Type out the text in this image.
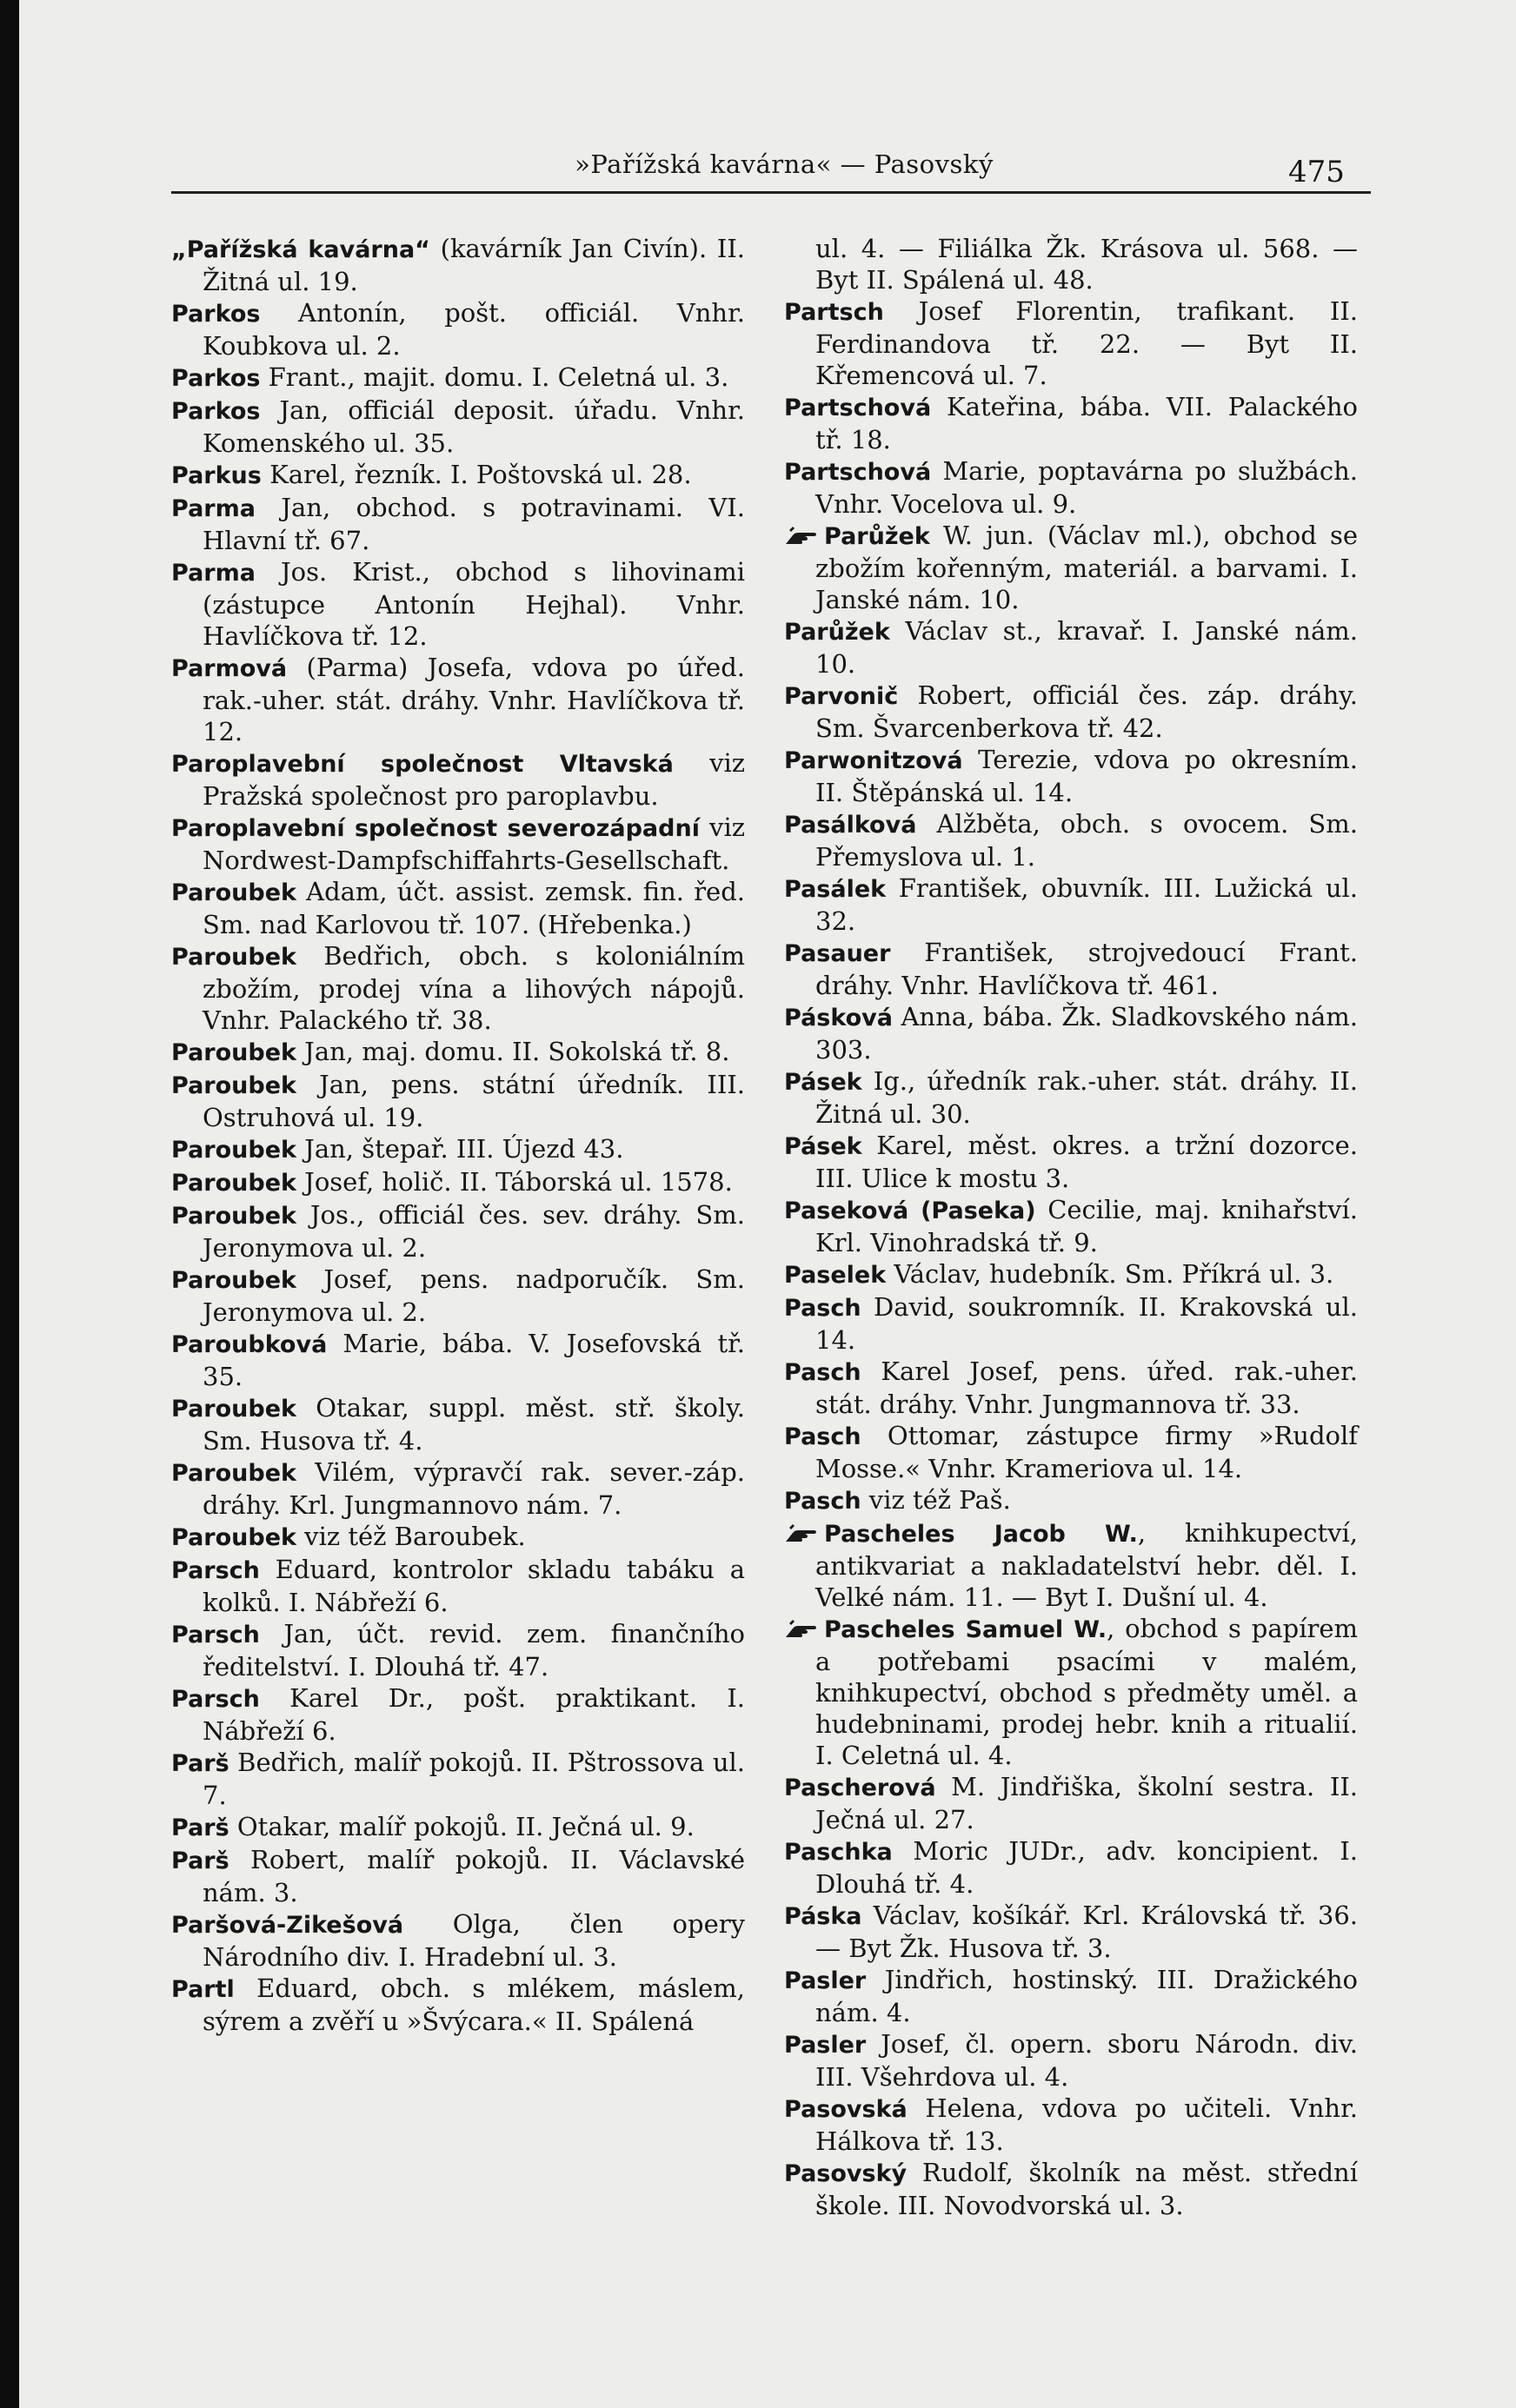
»Pařížská kavárna« — Pasovský	475
„Pařížská kavárna“ (kavárník Jan Civín). II. Žitná ul. 19.
Parkos Antonín, pošt. officiál. Vnhr. Koubkova ul. 2.
Parkos Frant., majit. domu. I. Celetná ul. 3.
Parkos Jan, officiál deposit. úřadu. Vnhr. Komenského ul. 35.
Parkus Karel, řezník. I. Poštovská ul. 28.
Parma Jan, obchod. s potravinami. VI. Hlavní tř. 67.
Parma Jos. Krist., obchod s lihovinami (zástupce Antonín Hejhal). Vnhr. Havlíčkova tř. 12.
Parmová (Parma) Josefa, vdova po úřed. rak.-uher. stát. dráhy. Vnhr. Havlíčkova tř. 12.
Paroplavební společnost Vltavská viz Pražská společnost pro paroplavbu.
Paroplavební společnost severozápadní viz Nordwest-Dampfschiffahrts-Gesellschaft.
Paroubek Adam, účt. assist. zemsk. fin. řed. Sm. nad Karlovou tř. 107. (Hřebenka.)
Paroubek Bedřich, obch. s koloniálním zbožím, prodej vína a lihových nápojů. Vnhr. Palackého tř. 38.
Paroubek Jan, maj. domu. II. Sokolská tř. 8.
Paroubek Jan, pens. státní úředník. III. Ostruhová ul. 19.
Paroubek Jan, štepař. III. Újezd 43.
Paroubek Josef, holič. II. Táborská ul. 1578.
Paroubek Jos., officiál čes. sev. dráhy. Sm. Jeronymova ul. 2.
Paroubek Josef, pens. nadporučík. Sm. Jeronymova ul. 2.
Paroubková Marie, bába. V. Josefovská tř. 35.
Paroubek Otakar, suppl. měst. stř. školy. Sm. Husova tř. 4.
Paroubek Vilém, výpravčí rak. sever.-záp. dráhy. Krl. Jungmannovo nám. 7.
Paroubek viz též Baroubek.
Parsch Eduard, kontrolor skladu tabáku a kolků. I. Nábřeží 6.
Parsch Jan, účt. revid. zem. finančního ředitelství. I. Dlouhá tř. 47.
Parsch Karel Dr., pošt. praktikant. I. Nábřeží 6.
Parš Bedřich, malíř pokojů. II. Pštrossova ul. 7.
Parš Otakar, malíř pokojů. II. Ječná ul. 9.
Parš Robert, malíř pokojů. II. Václavské nám. 3.
Paršová-Zikešová Olga, člen opery Národního div. I. Hradební ul. 3.
Partl Eduard, obch. s mlékem, máslem, sýrem a zvěří u »Švýcara.« II. Spálená
ul. 4. — Filiálka Žk. Krásova ul. 568. — Byt II. Spálená ul. 48.
Partsch Josef Florentin, trafikant. II. Ferdinandova tř. 22. — Byt II. Křemencová ul. 7.
Partschová Kateřina, bába. VII. Palackého tř. 18.
Partschová Marie, poptavárna po službách. Vnhr. Vocelova ul. 9.
Parůžek W. jun. (Václav ml.), obchod se zbožím kořenným, materiál. a barvami. I. Janské nám. 10.
Parůžek Václav st., kravař. I. Janské nám. 10.
Parvonič Robert, officiál čes. záp. dráhy. Sm. Švarcenberkova tř. 42.
Parwonitzová Terezie, vdova po okresním. II. Štěpánská ul. 14.
Pasálková Alžběta, obch. s ovocem. Sm. Přemyslova ul. 1.
Pasálek František, obuvník. III. Lužická ul. 32.
Pasauer František, strojvedoucí Frant. dráhy. Vnhr. Havlíčkova tř. 461.
Pásková Anna, bába. Žk. Sladkovského nám. 303.
Pásek Ig., úředník rak.-uher. stát. dráhy. II. Žitná ul. 30.
Pásek Karel, měst. okres. a tržní dozorce. III. Ulice k mostu 3.
Paseková (Paseka) Cecilie, maj. knihařství. Krl. Vinohradská tř. 9.
Paselek Václav, hudebník. Sm. Příkrá ul. 3.
Pasch David, soukromník. II. Krakovská ul. 14.
Pasch Karel Josef, pens. úřed. rak.-uher. stát. dráhy. Vnhr. Jungmannova tř. 33.
Pasch Ottomar, zástupce firmy »Rudolf Mosse.« Vnhr. Krameriova ul. 14.
Pasch viz též Paš.
Pascheles Jacob W., knihkupectví, antikvariat a nakladatelství hebr. děl. I. Velké nám. 11. — Byt I. Dušní ul. 4.
Pascheles Samuel W., obchod s papírem a potřebami psacími v malém, knihkupectví, obchod s předměty uměl. a hudebninami, prodej hebr. knih a ritualií. I. Celetná ul. 4.
Pascherová M. Jindřiška, školní sestra. II. Ječná ul. 27.
Paschka Moric JUDr., adv. koncipient. I. Dlouhá tř. 4.
Páska Václav, košíkář. Krl. Královská tř. 36. — Byt Žk. Husova tř. 3.
Pasler Jindřich, hostinský. III. Dražického nám. 4.
Pasler Josef, čl. opern. sboru Národn. div. III. Všehrdova ul. 4.
Pasovská Helena, vdova po učiteli. Vnhr. Hálkova tř. 13.
Pasovský Rudolf, školník na měst. střední škole. III. Novodvorská ul. 3.
